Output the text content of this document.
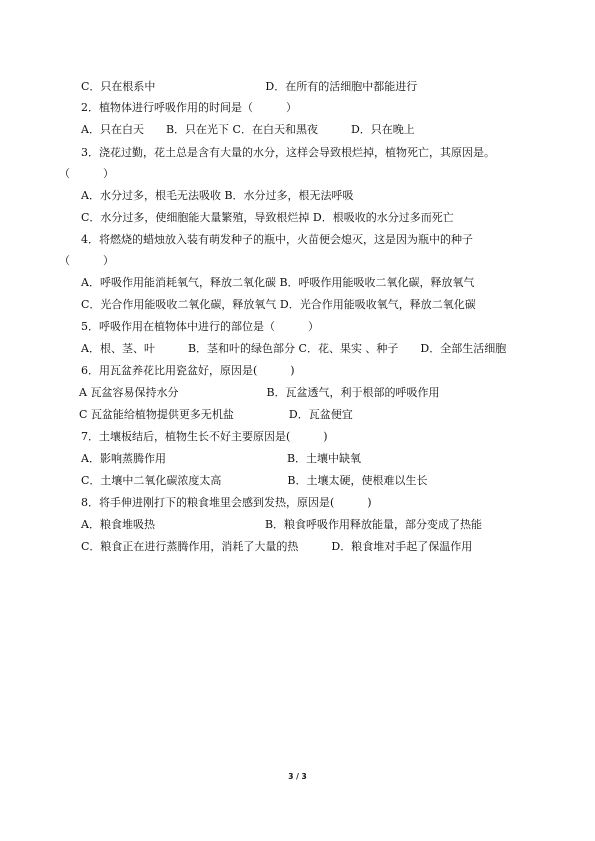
C．只在根系中　　　　　　　　　　D．在所有的活细胞中都能进行
2．植物体进行呼吸作用的时间是（　　　）
A．只在白天　　B．只在光下 C．在白天和黑夜　　　D．只在晚上
3．浇花过勤，花土总是含有大量的水分，这样会导致根烂掉，植物死亡，其原因是。
（　　　）
A．水分过多，根毛无法吸收 B．水分过多，根无法呼吸
C．水分过多，使细胞能大量繁殖，导致根烂掉 D．根吸收的水分过多而死亡
4．将燃烧的蜡烛放入装有萌发种子的瓶中，火苗便会熄灭，这是因为瓶中的种子
（　　　）
A．呼吸作用能消耗氧气，释放二氧化碳 B．呼吸作用能吸收二氧化碳，释放氧气
C．光合作用能吸收二氧化碳，释放氧气 D．光合作用能吸收氧气，释放二氧化碳
5．呼吸作用在植物体中进行的部位是（　　　）
A．根、茎、叶　　　B．茎和叶的绿色部分 C．花、果实 、种子　　D．全部生活细胞
6．用瓦盆养花比用瓷盆好，原因是(　　　)
A 瓦盆容易保持水分　　　　　　　　B．瓦盆透气，利于根部的呼吸作用
C 瓦盆能给植物提供更多无机盐　　　　　D．瓦盆便宜
7．土壤板结后，植物生长不好主要原因是(　　　)
A．影响蒸腾作用　　　　　　　　　　　B．土壤中缺氧
C．土壤中二氧化碳浓度太高　　　　　　B．土壤太硬，使根难以生长
8．将手伸进刚打下的粮食堆里会感到发热，原因是(　　　)
A．粮食堆吸热　　　　　　　　　　B．粮食呼吸作用释放能量，部分变成了热能
C．粮食正在进行蒸腾作用，消耗了大量的热　　　D．粮食堆对手起了保温作用
3 / 3
